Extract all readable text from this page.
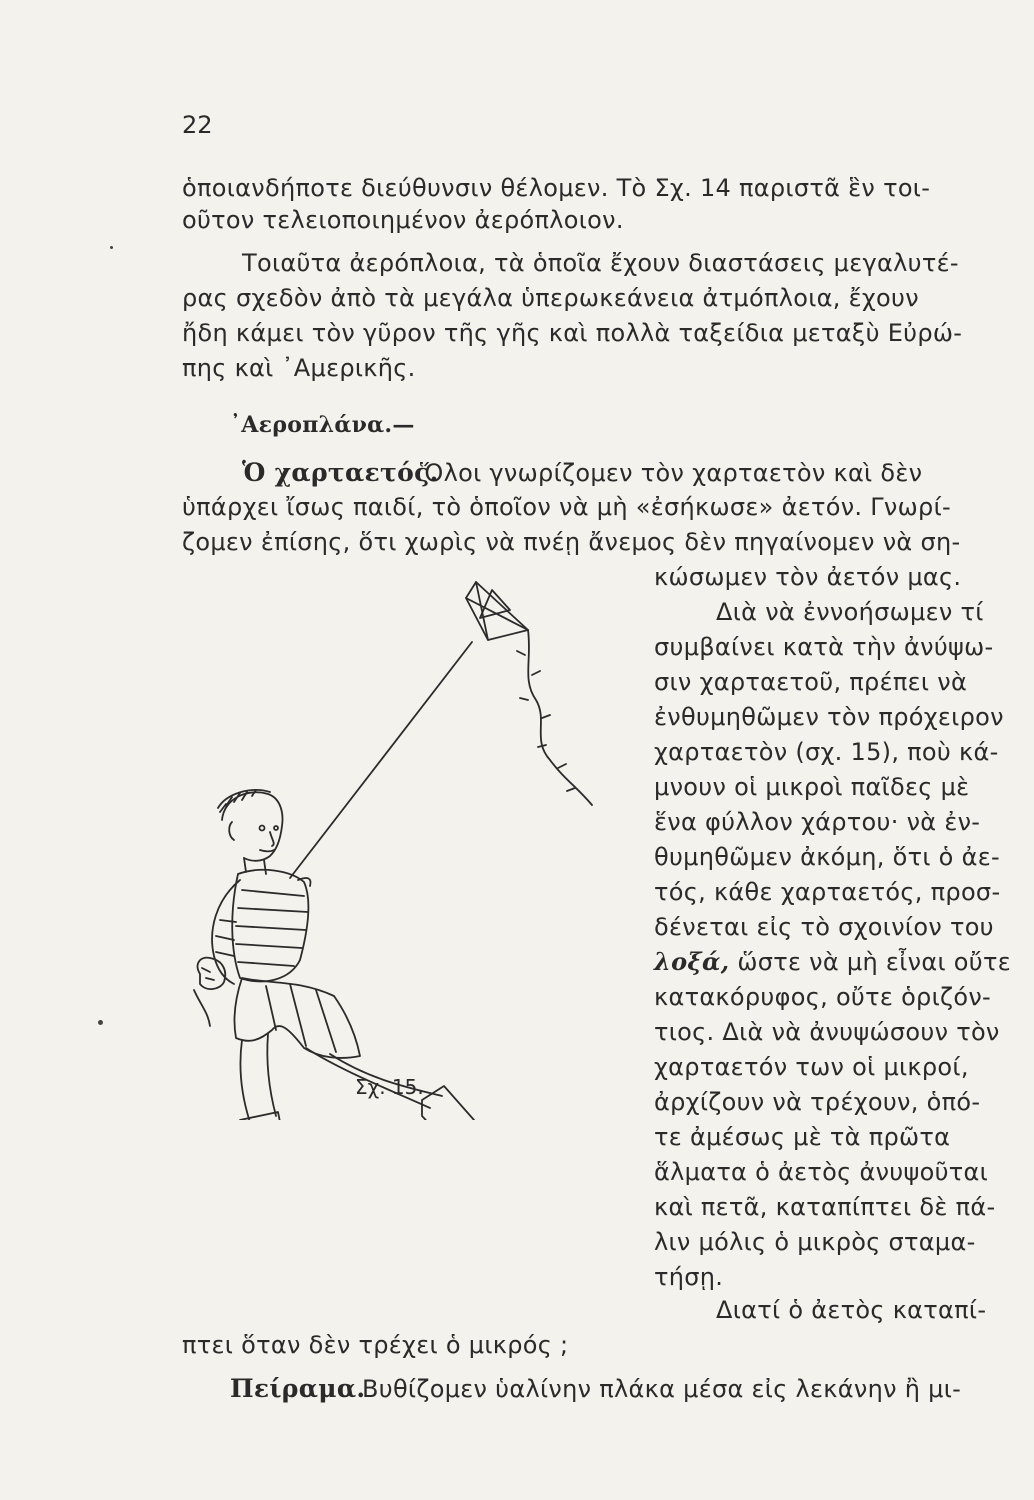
22
ὁποιανδήποτε διεύθυνσιν θέλομεν. Τὸ Σχ. 14 παριστᾶ ἓν τοι-
οῦτον τελειοποιημένον ἀερόπλοιον.
Τοιαῦτα ἀερόπλοια, τὰ ὁποῖα ἔχουν διαστάσεις μεγαλυτέ-
ρας σχεδὸν ἀπὸ τὰ μεγάλα ὑπερωκεάνεια ἀτμόπλοια, ἔχουν
ἤδη κάμει τὸν γῦρον τῆς γῆς καὶ πολλὰ ταξείδια μεταξὺ Εὐρώ-
πης καὶ ᾿Αμερικῆς.
᾿Αεροπλάνα.—
Ὁ χαρταετός.
Ὅλοι γνωρίζομεν τὸν χαρταετὸν καὶ δὲν
ὑπάρχει ἴσως παιδί, τὸ ὁποῖον νὰ μὴ «ἐσήκωσε» ἀετόν. Γνωρί-
ζομεν ἐπίσης, ὅτι χωρὶς νὰ πνέῃ ἄνεμος δὲν πηγαίνομεν νὰ ση-
κώσωμεν τὸν ἀετόν μας.
Διὰ νὰ ἐννοήσωμεν τί
συμβαίνει κατὰ τὴν ἀνύψω-
σιν χαρταετοῦ, πρέπει νὰ
ἐνθυμηθῶμεν τὸν πρόχειρον
χαρταετὸν (σχ. 15), ποὺ κά-
μνουν οἱ μικροὶ παῖδες μὲ
ἕνα φύλλον χάρτου· νὰ ἐν-
θυμηθῶμεν ἀκόμη, ὅτι ὁ ἀε-
τός, κάθε χαρταετός, προσ-
δένεται εἰς τὸ σχοινίον του
λοξά, ὥστε νὰ μὴ εἶναι οὔτε
κατακόρυφος, οὔτε ὁριζόν-
τιος. Διὰ νὰ ἀνυψώσουν τὸν
χαρταετόν των οἱ μικροί,
ἀρχίζουν νὰ τρέχουν, ὁπό-
τε ἀμέσως μὲ τὰ πρῶτα
ἅλματα ὁ ἀετὸς ἀνυψοῦται
καὶ πετᾶ, καταπίπτει δὲ πά-
λιν μόλις ὁ μικρὸς σταμα-
τήσῃ.
Διατί ὁ ἀετὸς καταπί-
πτει ὅταν δὲν τρέχει ὁ μικρός ;
Πείραμα.
Βυθίζομεν ὑαλίνην πλάκα μέσα εἰς λεκάνην ἢ μι-
Σχ. 15.
